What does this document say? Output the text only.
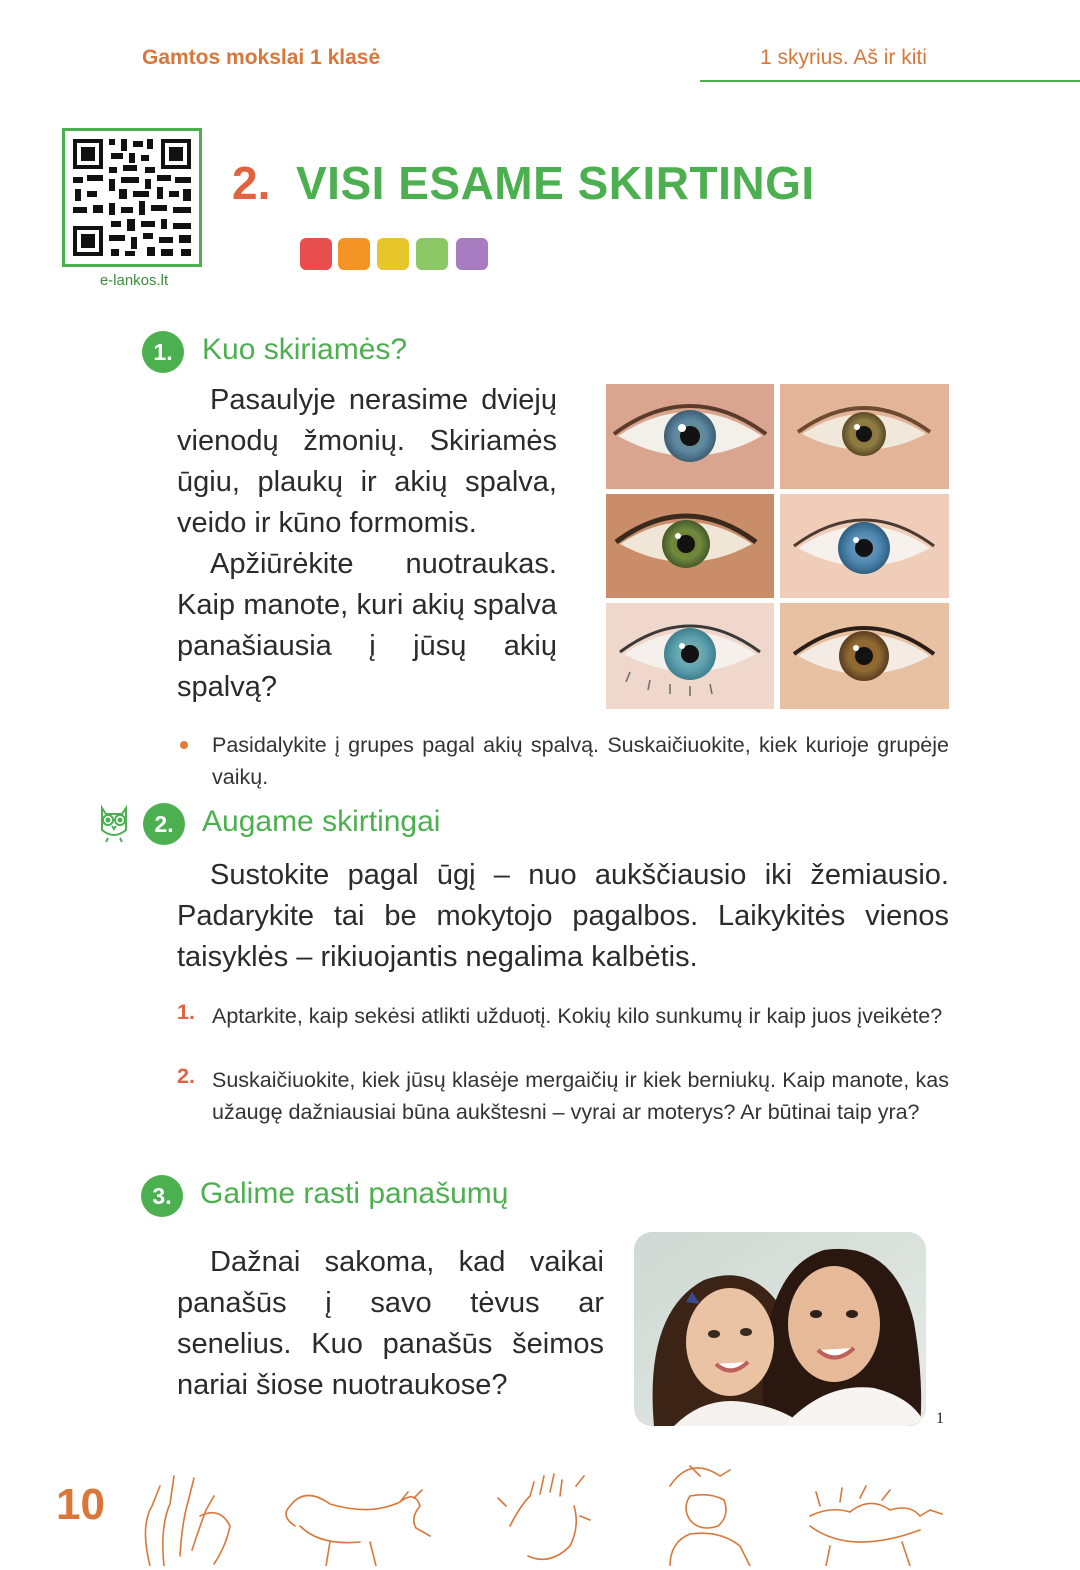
Gamtos mokslai 1 klasė	1 skyrius. Aš ir kiti
e-lankos.lt
2. VISI ESAME SKIRTINGI
1. Kuo skiriamės?

Pasaulyje nerasime dviejų vienodų žmonių. Skiriamės ūgiu, plaukų ir akių spalva, veido ir kūno formomis.

Apžiūrėkite nuotraukas. Kaip manote, kuri akių spalva panašiausia į jūsų akių spalvą?

Pasidalykite į grupes pagal akių spalvą. Suskaičiuokite, kiek kurioje grupėje vaikų.
2. Augame skirtingai

Sustokite pagal ūgį – nuo aukščiausio iki žemiausio. Padarykite tai be mokytojo pagalbos. Laikykitės vienos taisyklės – rikiuojantis negalima kalbėtis.

1. Aptarkite, kaip sekėsi atlikti užduotį. Kokių kilo sunkumų ir kaip juos įveikėte?
2. Suskaičiuokite, kiek jūsų klasėje mergaičių ir kiek berniukų. Kaip manote, kas užaugę dažniausiai būna aukštesni – vyrai ar moterys? Ar būtinai taip yra?
3. Galime rasti panašumų

Dažnai sakoma, kad vaikai panašūs į savo tėvus ar senelius. Kuo panašūs šeimos nariai šiose nuotraukose?

1
10
